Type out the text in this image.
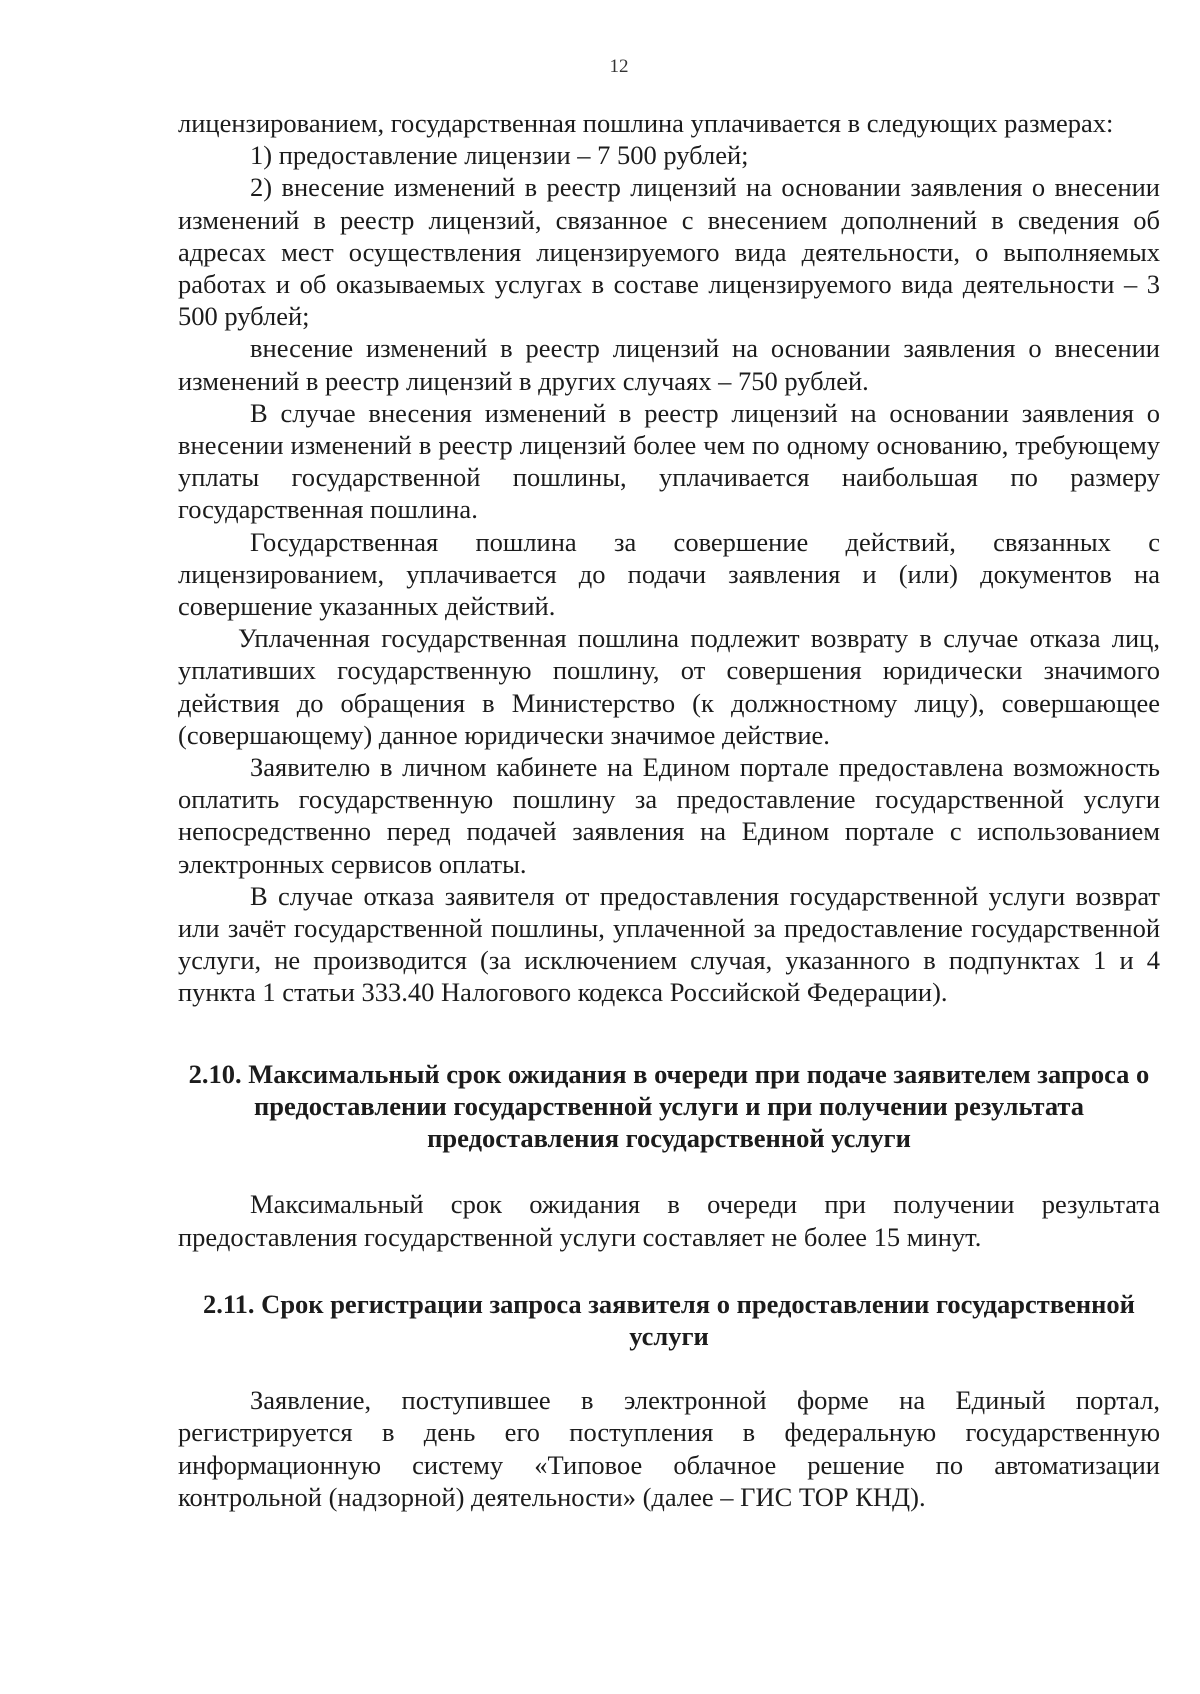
12

лицензированием, государственная пошлина уплачивается в следующих размерах:

1) предоставление лицензии – 7 500 рублей;

2) внесение изменений в реестр лицензий на основании заявления о внесении изменений в реестр лицензий, связанное с внесением дополнений в сведения об адресах мест осуществления лицензируемого вида деятельности, о выполняемых работах и об оказываемых услугах в составе лицензируемого вида деятельности – 3 500 рублей;

внесение изменений в реестр лицензий на основании заявления о внесении изменений в реестр лицензий в других случаях – 750 рублей.

В случае внесения изменений в реестр лицензий на основании заявления о внесении изменений в реестр лицензий более чем по одному основанию, требующему уплаты государственной пошлины, уплачивается наибольшая по размеру государственная пошлина.

Государственная пошлина за совершение действий, связанных с лицензированием, уплачивается до подачи заявления и (или) документов на совершение указанных действий.

Уплаченная государственная пошлина подлежит возврату в случае отказа лиц, уплативших государственную пошлину, от совершения юридически значимого действия до обращения в Министерство (к должностному лицу), совершающее (совершающему) данное юридически значимое действие.

Заявителю в личном кабинете на Едином портале предоставлена возможность оплатить государственную пошлину за предоставление государственной услуги непосредственно перед подачей заявления на Едином портале с использованием электронных сервисов оплаты.

В случае отказа заявителя от предоставления государственной услуги возврат или зачёт государственной пошлины, уплаченной за предоставление государственной услуги, не производится (за исключением случая, указанного в подпунктах 1 и 4 пункта 1 статьи 333.40 Налогового кодекса Российской Федерации).

2.10. Максимальный срок ожидания в очереди при подаче заявителем запроса о предоставлении государственной услуги и при получении результата предоставления государственной услуги

Максимальный срок ожидания в очереди при получении результата предоставления государственной услуги составляет не более 15 минут.

2.11. Срок регистрации запроса заявителя о предоставлении государственной услуги

Заявление, поступившее в электронной форме на Единый портал, регистрируется в день его поступления в федеральную государственную информационную систему «Типовое облачное решение по автоматизации контрольной (надзорной) деятельности» (далее – ГИС ТОР КНД).
